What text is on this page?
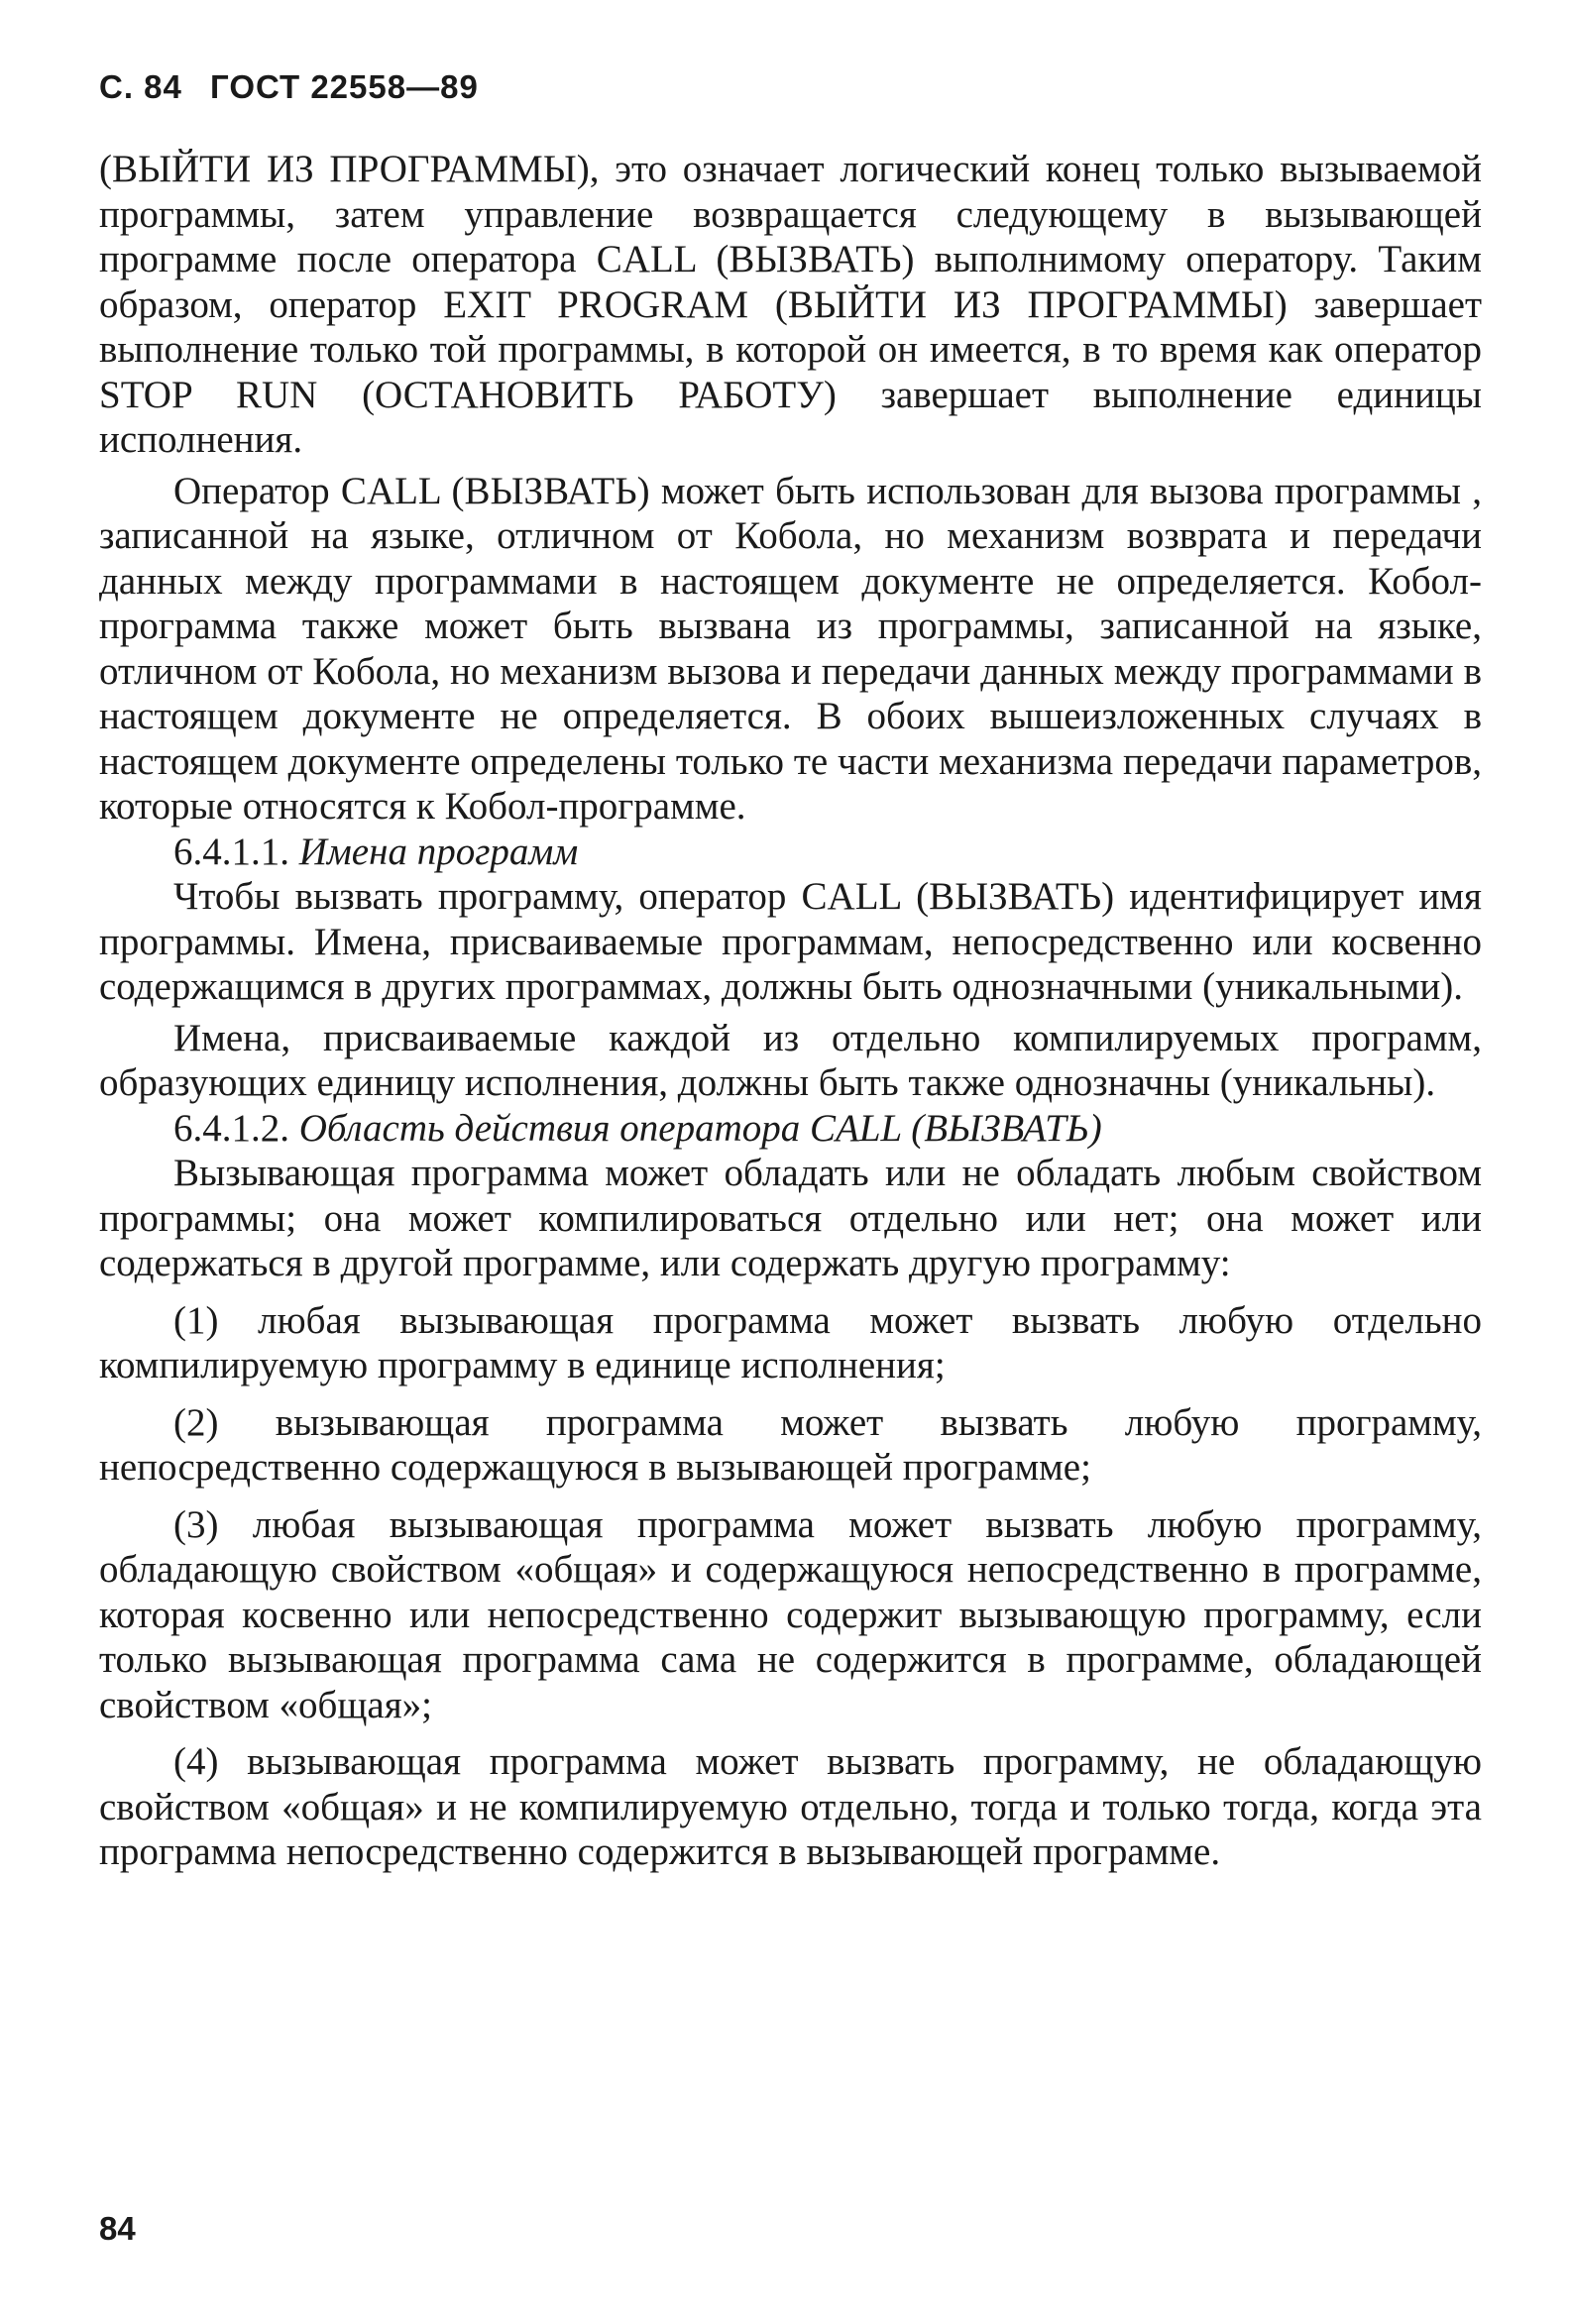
С. 84 ГОСТ 22558—89

(ВЫЙТИ ИЗ ПРОГРАММЫ), это означает логический конец только вызываемой программы, затем управление возвращается следующему в вызывающей программе после оператора CALL (ВЫЗВАТЬ) выполнимому оператору. Таким образом, оператор EXIT PROGRAM (ВЫЙТИ ИЗ ПРОГРАММЫ) завершает выполнение только той программы, в которой он имеется, в то время как оператор STOP RUN (ОСТАНОВИТЬ РАБОТУ) завершает выполнение единицы исполнения.

Оператор CALL (ВЫЗВАТЬ) может быть использован для вызова программы , записанной на языке, отличном от Кобола, но механизм возврата и передачи данных между программами в настоящем документе не определяется. Кобол-программа также может быть вызвана из программы, записанной на языке, отличном от Кобола, но механизм вызова и передачи данных между программами в настоящем документе не определяется. В обоих вышеизложенных случаях в настоящем документе определены только те части механизма передачи параметров, которые относятся к Кобол-программе.

6.4.1.1. Имена программ

Чтобы вызвать программу, оператор CALL (ВЫЗВАТЬ) идентифицирует имя программы. Имена, присваиваемые программам, непосредственно или косвенно содержащимся в других программах, должны быть однозначными (уникальными).

Имена, присваиваемые каждой из отдельно компилируемых программ, образующих единицу исполнения, должны быть также однозначны (уникальны).

6.4.1.2. Область действия оператора CALL (ВЫЗВАТЬ)

Вызывающая программа может обладать или не обладать любым свойством программы; она может компилироваться отдельно или нет; она может или содержаться в другой программе, или содержать другую программу:

(1) любая вызывающая программа может вызвать любую отдельно компилируемую программу в единице исполнения;

(2) вызывающая программа может вызвать любую программу, непосредственно содержащуюся в вызывающей программе;

(3) любая вызывающая программа может вызвать любую программу, обладающую свойством «общая» и содержащуюся непосредственно в программе, которая косвенно или непосредственно содержит вызывающую программу, если только вызывающая программа сама не содержится в программе, обладающей свойством «общая»;

(4) вызывающая программа может вызвать программу, не обладающую свойством «общая» и не компилируемую отдельно, тогда и только тогда, когда эта программа непосредственно содержится в вызывающей программе.

84
